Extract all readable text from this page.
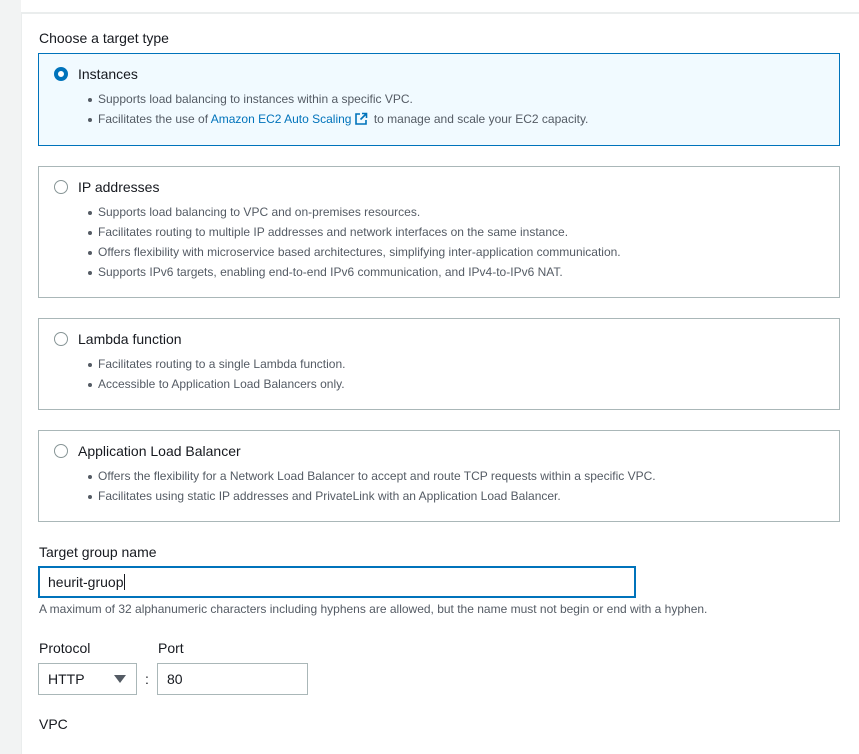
Choose a target type
Instances
Supports load balancing to instances within a specific VPC.
Facilitates the use of Amazon EC2 Auto Scaling to manage and scale your EC2 capacity.
IP addresses
Supports load balancing to VPC and on-premises resources.
Facilitates routing to multiple IP addresses and network interfaces on the same instance.
Offers flexibility with microservice based architectures, simplifying inter-application communication.
Supports IPv6 targets, enabling end-to-end IPv6 communication, and IPv4-to-IPv6 NAT.
Lambda function
Facilitates routing to a single Lambda function.
Accessible to Application Load Balancers only.
Application Load Balancer
Offers the flexibility for a Network Load Balancer to accept and route TCP requests within a specific VPC.
Facilitates using static IP addresses and PrivateLink with an Application Load Balancer.
Target group name
heurit-gruop
A maximum of 32 alphanumeric characters including hyphens are allowed, but the name must not begin or end with a hyphen.
Protocol	Port
HTTP	:	80
VPC
